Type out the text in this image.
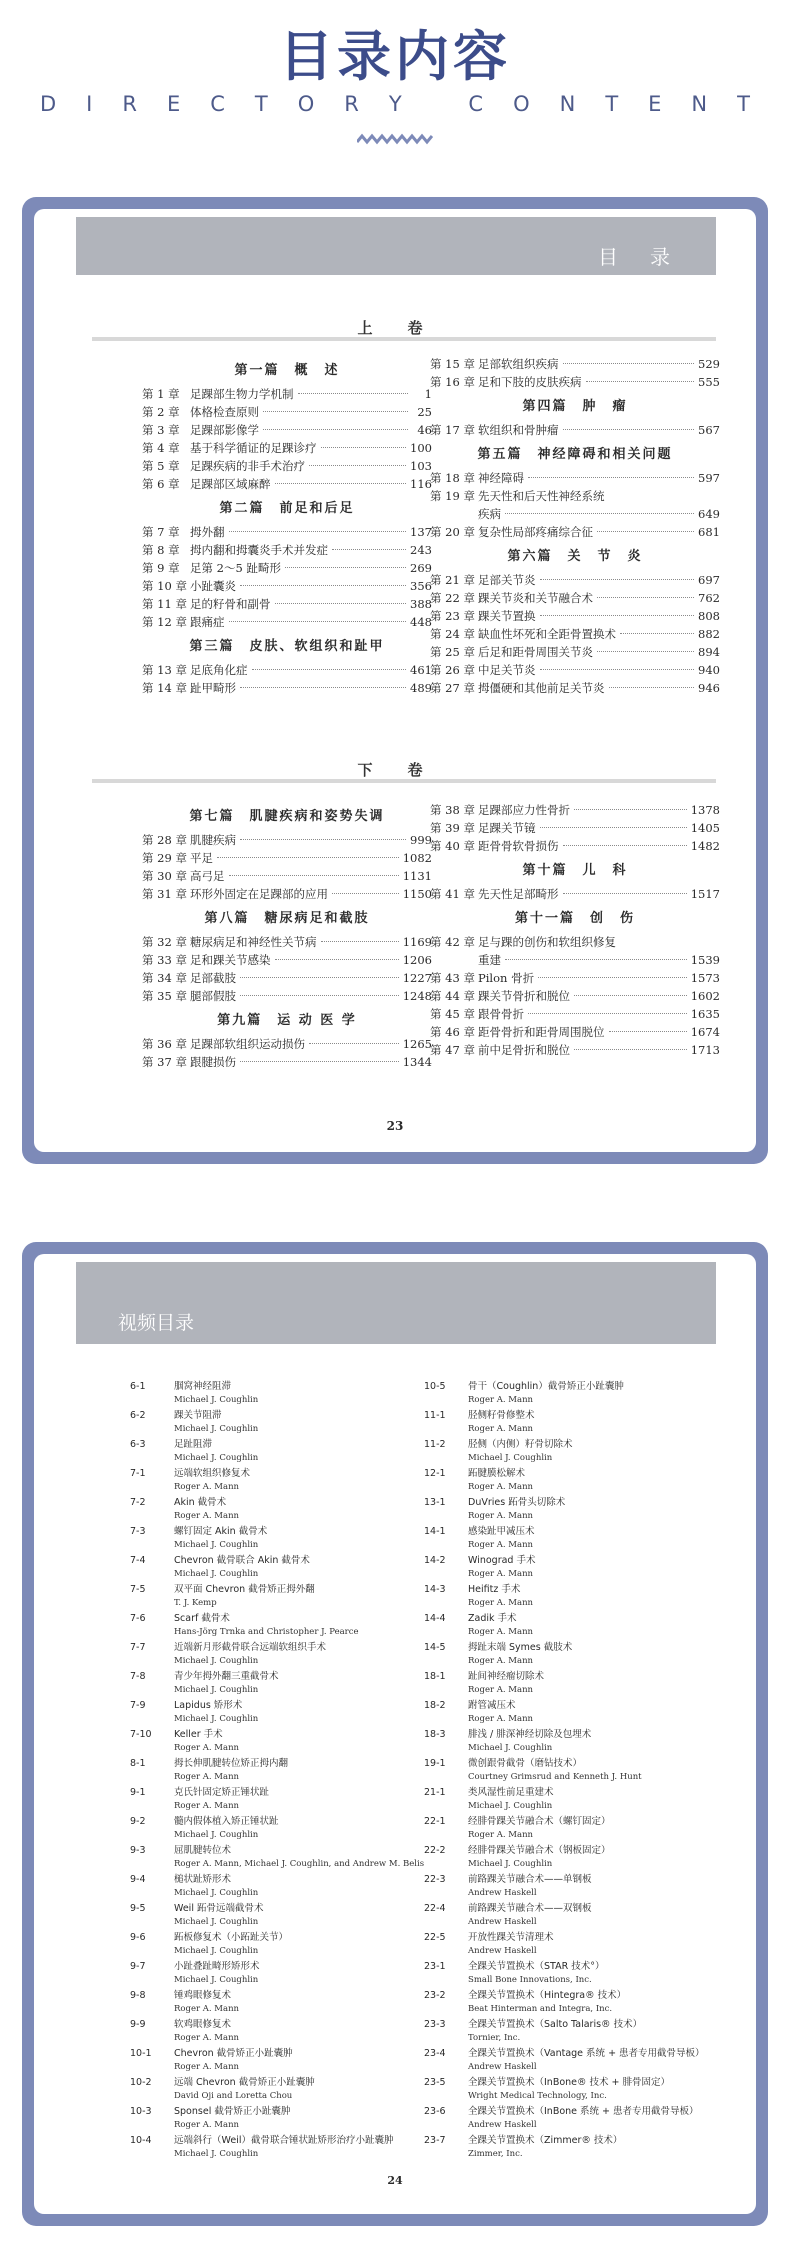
目录内容
D I R E C T O R Y
	C O N T E N T
目　录
上　卷
第一篇　概　述
第 1 章 足踝部生物力学机制	1
第 2 章 体格检查原则	25
第 3 章 足踝部影像学	46
第 4 章 基于科学循证的足踝诊疗	100
第 5 章 足踝疾病的非手术治疗	103
第 6 章 足踝部区域麻醉	116
第二篇　前足和后足
第 7 章 拇外翻	137
第 8 章 拇内翻和拇囊炎手术并发症	243
第 9 章 足第 2～5 趾畸形	269
第 10 章 小趾囊炎	356
第 11 章 足的籽骨和副骨	388
第 12 章 跟痛症	448
第三篇　皮肤、软组织和趾甲
第 13 章 足底角化症	461
第 14 章 趾甲畸形	489
第 15 章 足部软组织疾病	529
第 16 章 足和下肢的皮肤疾病	555
第四篇　肿　瘤
第 17 章 软组织和骨肿瘤	567
第五篇　神经障碍和相关问题
第 18 章 神经障碍	597
第 19 章 先天性和后天性神经系统
疾病	649
第 20 章 复杂性局部疼痛综合征	681
第六篇　关　节　炎
第 21 章 足部关节炎	697
第 22 章 踝关节炎和关节融合术	762
第 23 章 踝关节置换	808
第 24 章 缺血性坏死和全距骨置换术	882
第 25 章 后足和距骨周围关节炎	894
第 26 章 中足关节炎	940
第 27 章 拇僵硬和其他前足关节炎	946
下　卷
第七篇　肌腱疾病和姿势失调
第 28 章 肌腱疾病	999
第 29 章 平足	1082
第 30 章 高弓足	1131
第 31 章 环形外固定在足踝部的应用	1150
第八篇　糖尿病足和截肢
第 32 章 糖尿病足和神经性关节病	1169
第 33 章 足和踝关节感染	1206
第 34 章 足部截肢	1227
第 35 章 腿部假肢	1248
第九篇　运 动 医 学
第 36 章 足踝部软组织运动损伤	1265
第 37 章 跟腱损伤	1344
第 38 章 足踝部应力性骨折	1378
第 39 章 足踝关节镜	1405
第 40 章 距骨骨软骨损伤	1482
第十篇　儿　科
第 41 章 先天性足部畸形	1517
第十一篇　创　伤
第 42 章 足与踝的创伤和软组织修复
重建	1539
第 43 章 Pilon 骨折	1573
第 44 章 踝关节骨折和脱位	1602
第 45 章 跟骨骨折	1635
第 46 章 距骨骨折和距骨周围脱位	1674
第 47 章 前中足骨折和脱位	1713
23
视频目录
6-1	腘窝神经阻滞
Michael J. Coughlin
6-2	踝关节阻滞
Michael J. Coughlin
6-3	足趾阻滞
Michael J. Coughlin
7-1	远端软组织修复术
Roger A. Mann
7-2	Akin 截骨术
Roger A. Mann
7-3	螺钉固定 Akin 截骨术
Michael J. Coughlin
7-4	Chevron 截骨联合 Akin 截骨术
Michael J. Coughlin
7-5	双平面 Chevron 截骨矫正拇外翻
T. J. Kemp
7-6	Scarf 截骨术
Hans-Jörg Trnka and Christopher J. Pearce
7-7	近端新月形截骨联合远端软组织手术
Michael J. Coughlin
7-8	青少年拇外翻三重截骨术
Michael J. Coughlin
7-9	Lapidus 矫形术
Michael J. Coughlin
7-10	Keller 手术
Roger A. Mann
8-1	拇长伸肌腱转位矫正拇内翻
Roger A. Mann
9-1	克氏针固定矫正锤状趾
Roger A. Mann
9-2	髓内假体植入矫正锤状趾
Michael J. Coughlin
9-3	屈肌腱转位术
Roger A. Mann, Michael J. Coughlin, and Andrew M. Belis
9-4	槌状趾矫形术
Michael J. Coughlin
9-5	Weil 跖骨远端截骨术
Michael J. Coughlin
9-6	跖板修复术（小跖趾关节）
Michael J. Coughlin
9-7	小趾叠趾畸形矫形术
Michael J. Coughlin
9-8	锤鸡眼修复术
Roger A. Mann
9-9	软鸡眼修复术
Roger A. Mann
10-1	Chevron 截骨矫正小趾囊肿
Roger A. Mann
10-2	远端 Chevron 截骨矫正小趾囊肿
David Oji and Loretta Chou
10-3	Sponsel 截骨矫正小趾囊肿
Roger A. Mann
10-4	远端斜行（Weil）截骨联合锤状趾矫形治疗小趾囊肿
Michael J. Coughlin
10-5	骨干（Coughlin）截骨矫正小趾囊肿
Roger A. Mann
11-1	胫侧籽骨修整术
Roger A. Mann
11-2	胫侧（内侧）籽骨切除术
Michael J. Coughlin
12-1	跖腱膜松解术
Roger A. Mann
13-1	DuVries 跖骨头切除术
Roger A. Mann
14-1	感染趾甲减压术
Roger A. Mann
14-2	Winograd 手术
Roger A. Mann
14-3	Heifitz 手术
Roger A. Mann
14-4	Zadik 手术
Roger A. Mann
14-5	拇趾末端 Symes 截肢术
Roger A. Mann
18-1	趾间神经瘤切除术
Roger A. Mann
18-2	跗管减压术
Roger A. Mann
18-3	腓浅 / 腓深神经切除及包埋术
Michael J. Coughlin
19-1	微创跟骨截骨（磨钻技术）
Courtney Grimsrud and Kenneth J. Hunt
21-1	类风湿性前足重建术
Michael J. Coughlin
22-1	经腓骨踝关节融合术（螺钉固定）
Roger A. Mann
22-2	经腓骨踝关节融合术（钢板固定）
Michael J. Coughlin
22-3	前路踝关节融合术——单钢板
Andrew Haskell
22-4	前路踝关节融合术——双钢板
Andrew Haskell
22-5	开放性踝关节清理术
Andrew Haskell
23-1	全踝关节置换术（STAR 技术°）
Small Bone Innovations, Inc.
23-2	全踝关节置换术（Hintegra® 技术）
Beat Hinterman and Integra, Inc.
23-3	全踝关节置换术（Salto Talaris® 技术）
Tornier, Inc.
23-4	全踝关节置换术（Vantage 系统 + 患者专用截骨导板）
Andrew Haskell
23-5	全踝关节置换术（InBone® 技术 + 腓骨固定）
Wright Medical Technology, Inc.
23-6	全踝关节置换术（InBone 系统 + 患者专用截骨导板）
Andrew Haskell
23-7	全踝关节置换术（Zimmer® 技术）
Zimmer, Inc.
24
